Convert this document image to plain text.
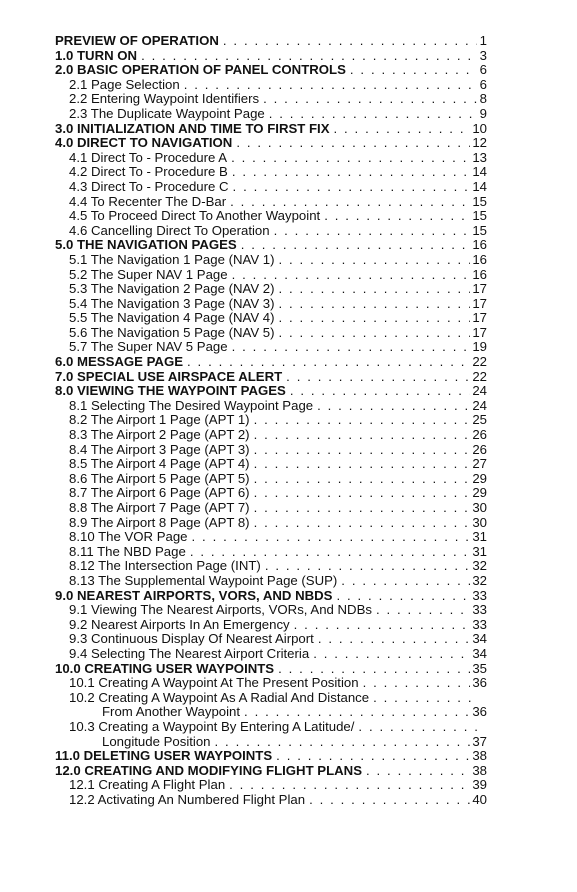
PREVIEW OF OPERATION . . .	1
1.0 TURN ON . . .	3
2.0 BASIC OPERATION OF PANEL CONTROLS . . .	6
2.1 Page Selection . . .	6
2.2 Entering Waypoint Identifiers . . .	8
2.3 The Duplicate Waypoint Page . . .	9
3.0 INITIALIZATION AND TIME TO FIRST FIX . . .	10
4.0 DIRECT TO NAVIGATION . . .	12
4.1 Direct To - Procedure A . . .	13
4.2 Direct To - Procedure B . . .	14
4.3 Direct To - Procedure C . . .	14
4.4 To Recenter The D-Bar . . .	15
4.5 To Proceed Direct To Another Waypoint . . .	15
4.6 Cancelling Direct To Operation . . .	15
5.0 THE NAVIGATION PAGES . . .	16
5.1 The Navigation 1 Page (NAV 1) . . .	16
5.2 The Super NAV 1 Page . . .	16
5.3 The Navigation 2 Page (NAV 2) . . .	17
5.4 The Navigation 3 Page (NAV 3) . . .	17
5.5 The Navigation 4 Page (NAV 4) . . .	17
5.6 The Navigation 5 Page (NAV 5) . . .	17
5.7 The Super NAV 5 Page . . .	19
6.0 MESSAGE PAGE . . .	22
7.0 SPECIAL USE AIRSPACE ALERT . . .	22
8.0 VIEWING THE WAYPOINT PAGES . . .	24
8.1 Selecting The Desired Waypoint Page . . .	24
8.2 The Airport 1 Page (APT 1) . . .	25
8.3 The Airport 2 Page (APT 2) . . .	26
8.4 The Airport 3 Page (APT 3) . . .	26
8.5 The Airport 4 Page (APT 4) . . .	27
8.6 The Airport 5 Page (APT 5) . . .	29
8.7 The Airport 6 Page (APT 6) . . .	29
8.8 The Airport 7 Page (APT 7) . . .	30
8.9 The Airport 8 Page (APT 8) . . .	30
8.10 The VOR Page . . .	31
8.11 The NBD Page . . .	31
8.12 The Intersection Page (INT) . . .	32
8.13 The Supplemental Waypoint Page (SUP) . . .	32
9.0 NEAREST AIRPORTS, VORS, AND NBDS . . .	33
9.1 Viewing The Nearest Airports, VORs, And NDBs . . .	33
9.2 Nearest Airports In An Emergency . . .	33
9.3 Continuous Display Of Nearest Airport . . .	34
9.4 Selecting The Nearest Airport Criteria . . .	34
10.0 CREATING USER WAYPOINTS . . .	35
10.1 Creating A Waypoint At The Present Position . . .	36
10.2 Creating A Waypoint As A Radial And Distance
. . .
From Another Waypoint . . .	36
10.3 Creating a Waypoint By Entering A Latitude/
. . .
Longitude Position . . .	37
11.0 DELETING USER WAYPOINTS . . .	38
12.0 CREATING AND MODIFYING FLIGHT PLANS . . .	38
12.1 Creating A Flight Plan . . .	39
12.2 Activating An Numbered Flight Plan . . .	40
